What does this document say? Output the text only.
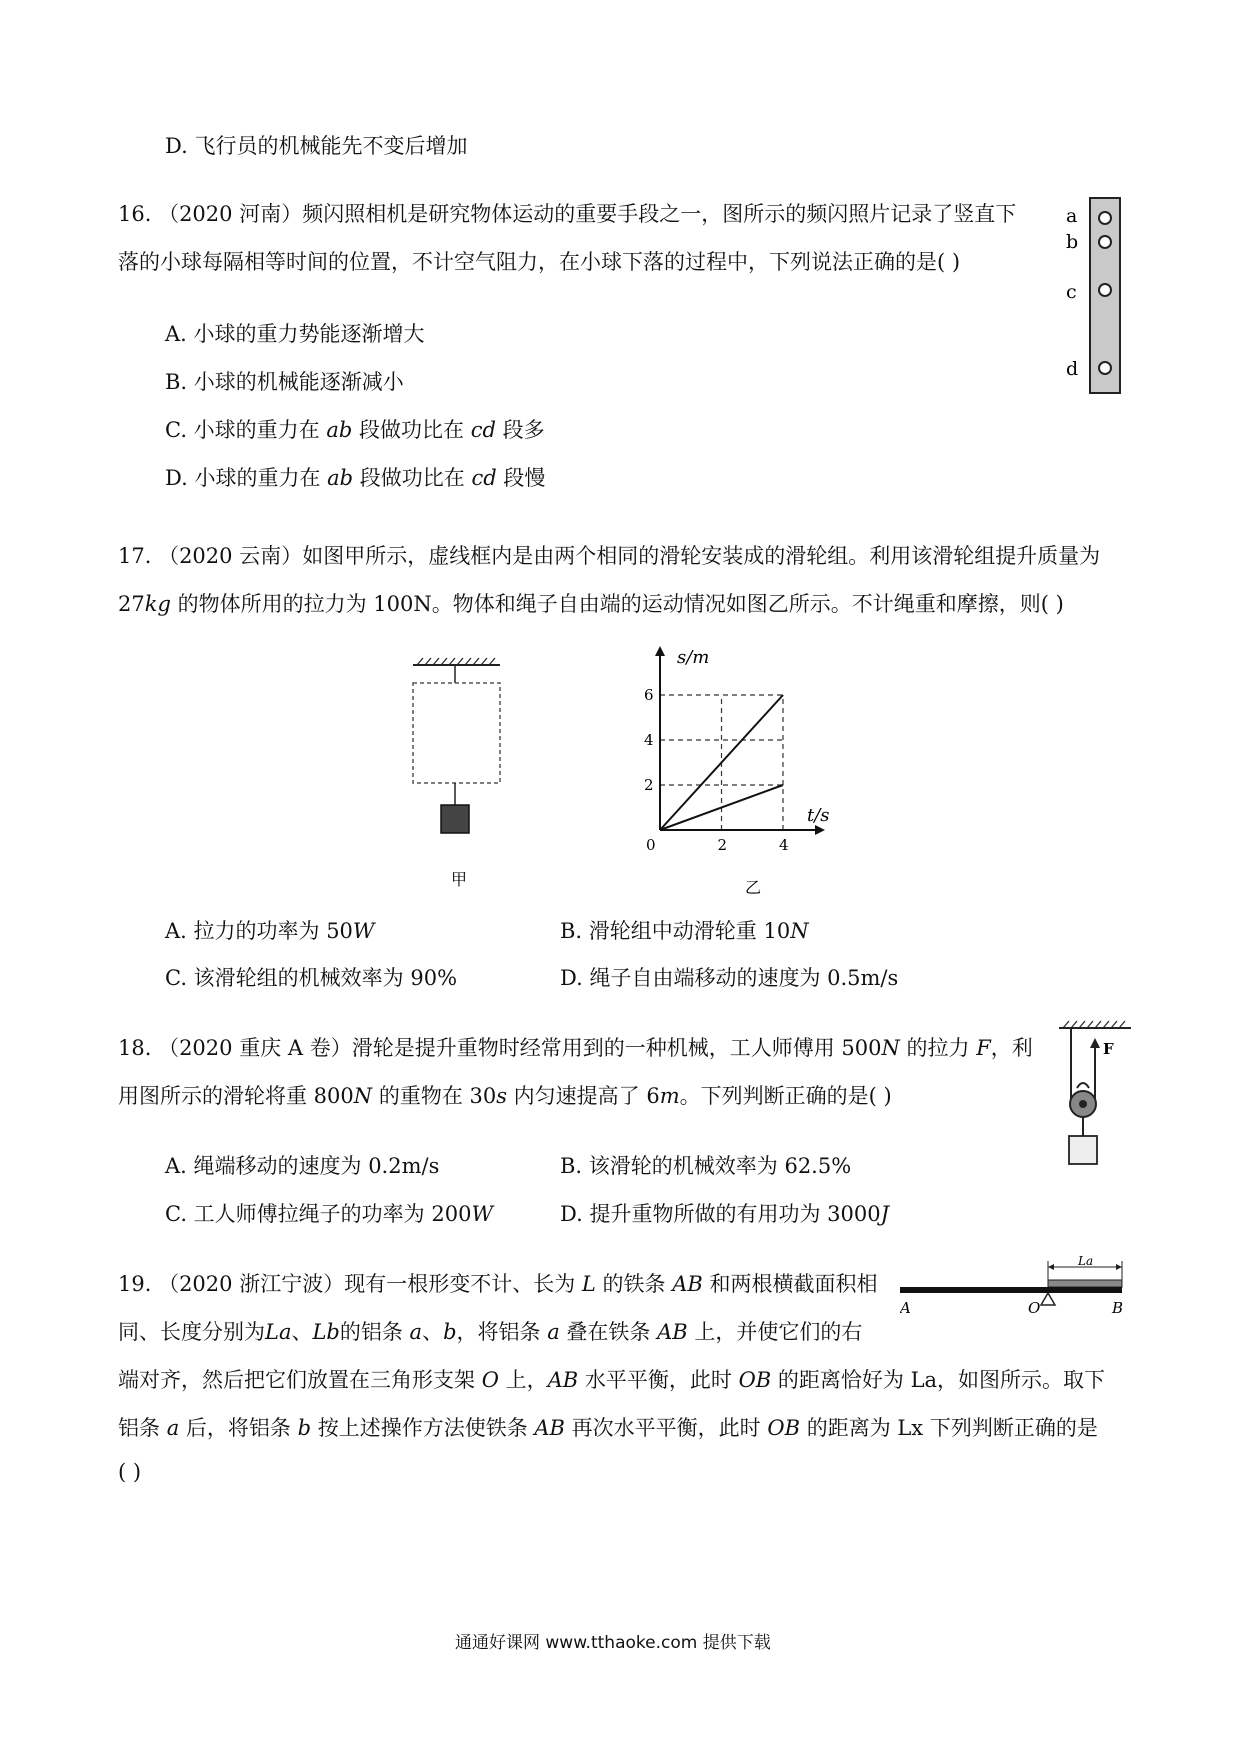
D. 飞行员的机械能先不变后增加
16. （2020 河南）频闪照相机是研究物体运动的重要手段之一，图所示的频闪照片记录了竖直下
落的小球每隔相等时间的位置，不计空气阻力，在小球下落的过程中，下列说法正确的是( )
A. 小球的重力势能逐渐增大
B. 小球的机械能逐渐减小
C. 小球的重力在 ab 段做功比在 cd 段多
D. 小球的重力在 ab 段做功比在 cd 段慢
a
b
c
d
17. （2020 云南）如图甲所示，虚线框内是由两个相同的滑轮安装成的滑轮组。利用该滑轮组提升质量为
27kg 的物体所用的拉力为 100N。物体和绳子自由端的运动情况如图乙所示。不计绳重和摩擦，则( )
甲
2
4
6
0	2	4
s/m
t/s
乙
A. 拉力的功率为 50W	B. 滑轮组中动滑轮重 10N
C. 该滑轮组的机械效率为 90%	D. 绳子自由端移动的速度为 0.5m/s
18. （2020 重庆 A 卷）滑轮是提升重物时经常用到的一种机械，工人师傅用 500N 的拉力 F，利
用图所示的滑轮将重 800N 的重物在 30s 内匀速提高了 6m。下列判断正确的是( )
A. 绳端移动的速度为 0.2m/s	B. 该滑轮的机械效率为 62.5%
C. 工人师傅拉绳子的功率为 200W	D. 提升重物所做的有用功为 3000J
F
19. （2020 浙江宁波）现有一根形变不计、长为 L 的铁条 AB 和两根横截面积相
同、长度分别为La、Lb的铝条 a、b，将铝条 a 叠在铁条 AB 上，并使它们的右
端对齐，然后把它们放置在三角形支架 O 上，AB 水平平衡，此时 OB 的距离恰好为 La，如图所示。取下
铝条 a 后，将铝条 b 按上述操作方法使铁条 AB 再次水平平衡，此时 OB 的距离为 Lx 下列判断正确的是
( )
La
A	O	B
通通好课网 www.tthaoke.com 提供下载
